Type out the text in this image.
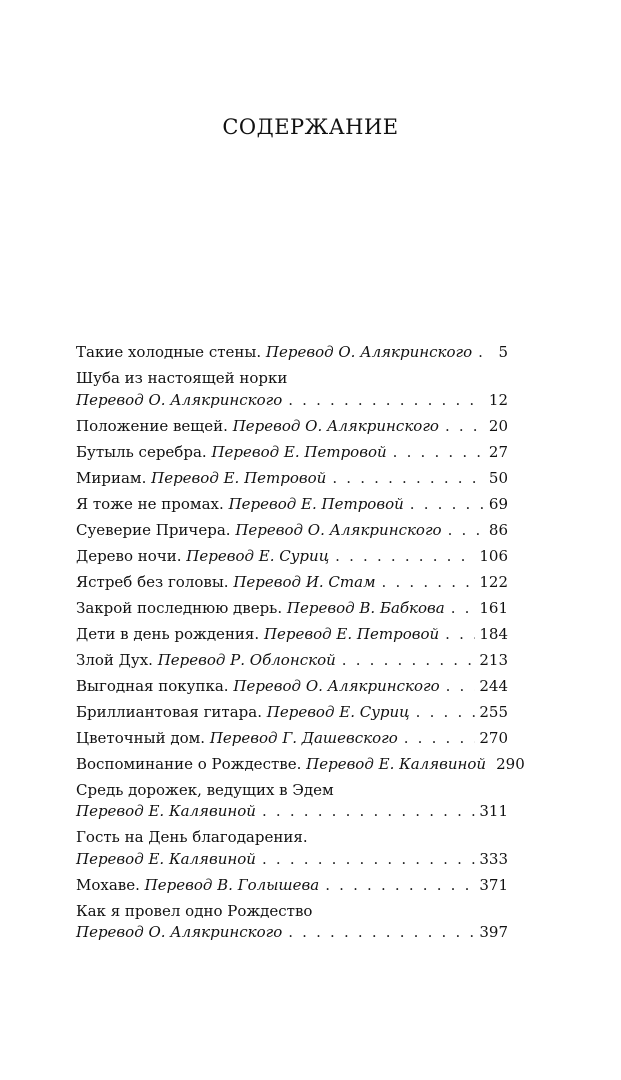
СОДЕРЖАНИЕ
Такие холодные стены.
Перевод О. Алякринского . . .	5
Шуба из настоящей норки
Перевод О. Алякринского . . .	12
Положение вещей.
Перевод О. Алякринского . . .	20
Бутыль серебра.
Перевод Е. Петровой . . .	27
Мириам.
Перевод Е. Петровой . . .	50
Я тоже не промах.
Перевод Е. Петровой . . .	69
Суеверие Причера.
Перевод О. Алякринского . . .	86
Дерево ночи.
Перевод Е. Суриц . . .	106
Ястреб без головы.
Перевод И. Стам . . .	122
Закрой последнюю дверь.
Перевод В. Бабкова . . . 161
Дети в день рождения.
Перевод Е. Петровой . . .	184
Злой Дух.
Перевод Р. Облонской . . .	213
Выгодная покупка.
Перевод О. Алякринского . . .	244
Бриллиантовая гитара.
Перевод Е. Суриц . . .	255
Цветочный дом.
Перевод Г. Дашевского . . .	270
Воспоминание о Рождестве.
Перевод Е. Калявиной 290
Средь дорожек, ведущих в Эдем
Перевод Е. Калявиной . . .	311
Гость на День благодарения.
Перевод Е. Калявиной . . .	333
Мохаве.
Перевод В. Голышева . . .	371
Как я провел одно Рождество
Перевод О. Алякринского . . .	397
